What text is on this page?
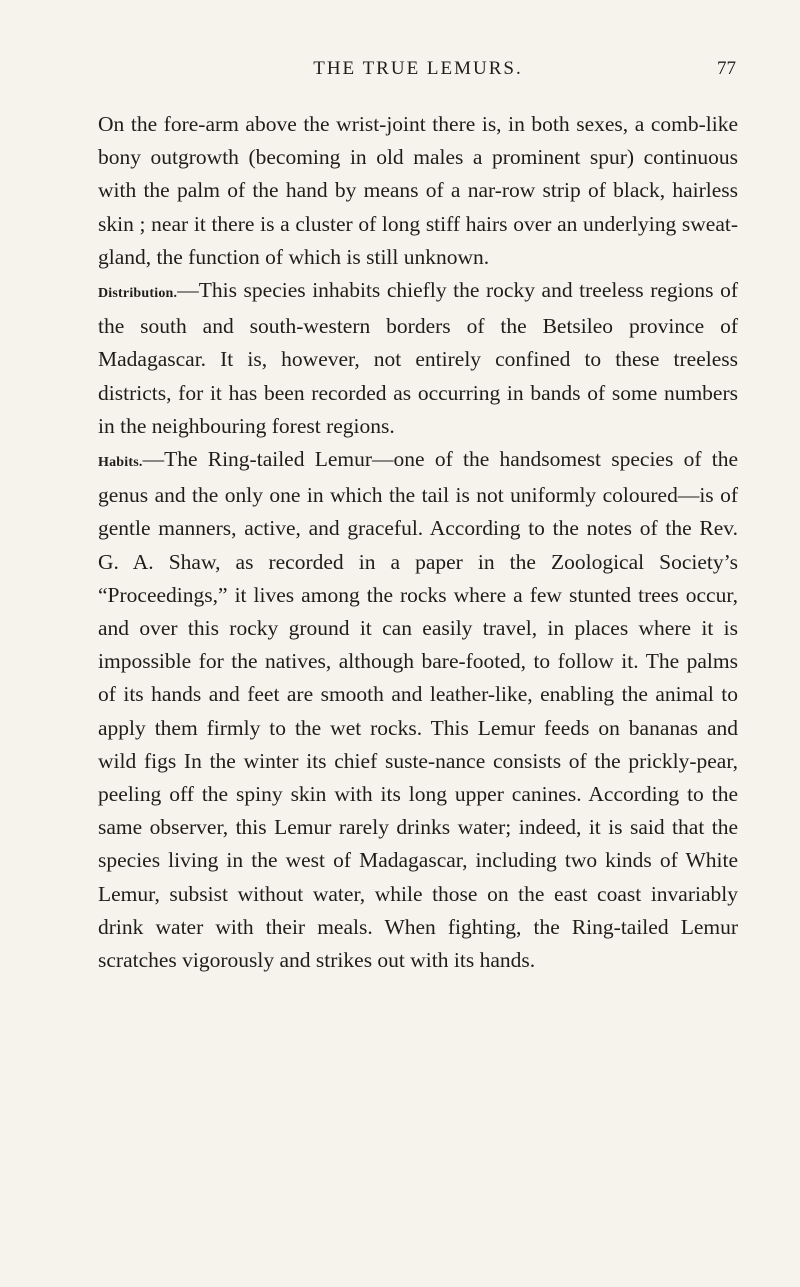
THE TRUE LEMURS.	77

On the fore-arm above the wrist-joint there is, in both sexes, a comb-like bony outgrowth (becoming in old males a prominent spur) continuous with the palm of the hand by means of a nar-row strip of black, hairless skin ; near it there is a cluster of long stiff hairs over an underlying sweat-gland, the function of which is still unknown.

Distribution.—This species inhabits chiefly the rocky and treeless regions of the south and south-western borders of the Betsileo province of Madagascar. It is, however, not entirely confined to these treeless districts, for it has been recorded as occurring in bands of some numbers in the neighbouring forest regions.

Habits.—The Ring-tailed Lemur—one of the handsomest species of the genus and the only one in which the tail is not uniformly coloured—is of gentle manners, active, and graceful. According to the notes of the Rev. G. A. Shaw, as recorded in a paper in the Zoological Society’s “Proceedings,” it lives among the rocks where a few stunted trees occur, and over this rocky ground it can easily travel, in places where it is impossible for the natives, although bare-footed, to follow it. The palms of its hands and feet are smooth and leather-like, enabling the animal to apply them firmly to the wet rocks. This Lemur feeds on bananas and wild figs In the winter its chief suste-nance consists of the prickly-pear, peeling off the spiny skin with its long upper canines. According to the same observer, this Lemur rarely drinks water; indeed, it is said that the species living in the west of Madagascar, including two kinds of White Lemur, subsist without water, while those on the east coast invariably drink water with their meals. When fighting, the Ring-tailed Lemur scratches vigorously and strikes out with its hands.
